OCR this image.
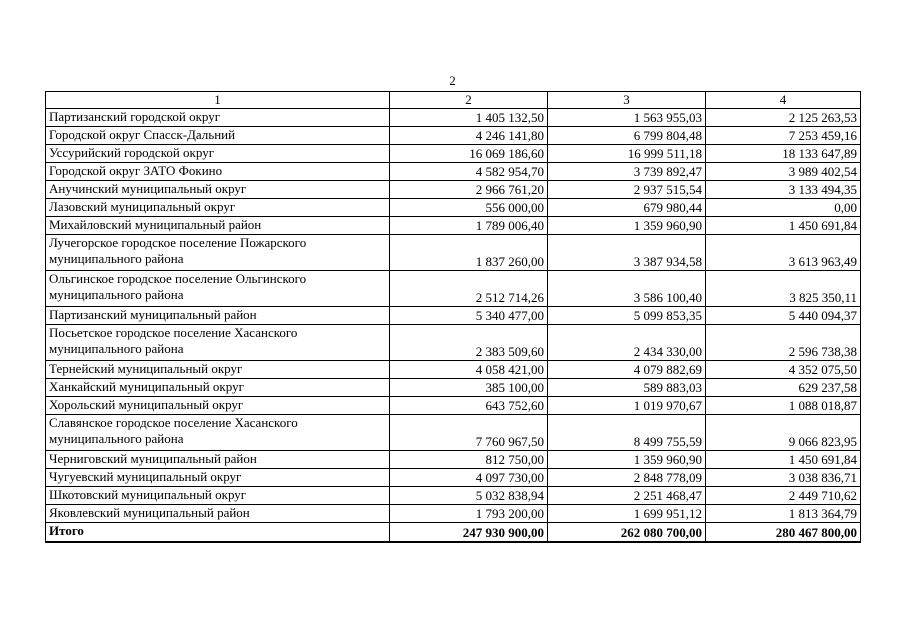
2
1	2	3	4
Партизанский городской округ	1 405 132,50	1 563 955,03	2 125 263,53
Городской округ Спасск-Дальний	4 246 141,80	6 799 804,48	7 253 459,16
Уссурийский городской округ	16 069 186,60	16 999 511,18	18 133 647,89
Городской округ ЗАТО Фокино	4 582 954,70	3 739 892,47	3 989 402,54
Анучинский муниципальный округ	2 966 761,20	2 937 515,54	3 133 494,35
Лазовский муниципальный округ	556 000,00	679 980,44	0,00
Михайловский муниципальный район	1 789 006,40	1 359 960,90	1 450 691,84
Лучегорское городское поселение Пожарского муниципального района	1 837 260,00	3 387 934,58	3 613 963,49
Ольгинское городское поселение Ольгинского муниципального района	2 512 714,26	3 586 100,40	3 825 350,11
Партизанский муниципальный район	5 340 477,00	5 099 853,35	5 440 094,37
Посьетское городское поселение Хасанского муниципального района	2 383 509,60	2 434 330,00	2 596 738,38
Тернейский муниципальный округ	4 058 421,00	4 079 882,69	4 352 075,50
Ханкайский муниципальный округ	385 100,00	589 883,03	629 237,58
Хорольский муниципальный округ	643 752,60	1 019 970,67	1 088 018,87
Славянское городское поселение Хасанского муниципального района	7 760 967,50	8 499 755,59	9 066 823,95
Черниговский муниципальный район	812 750,00	1 359 960,90	1 450 691,84
Чугуевский муниципальный округ	4 097 730,00	2 848 778,09	3 038 836,71
Шкотовский муниципальный округ	5 032 838,94	2 251 468,47	2 449 710,62
Яковлевский муниципальный район	1 793 200,00	1 699 951,12	1 813 364,79
Итого	247 930 900,00	262 080 700,00	280 467 800,00
